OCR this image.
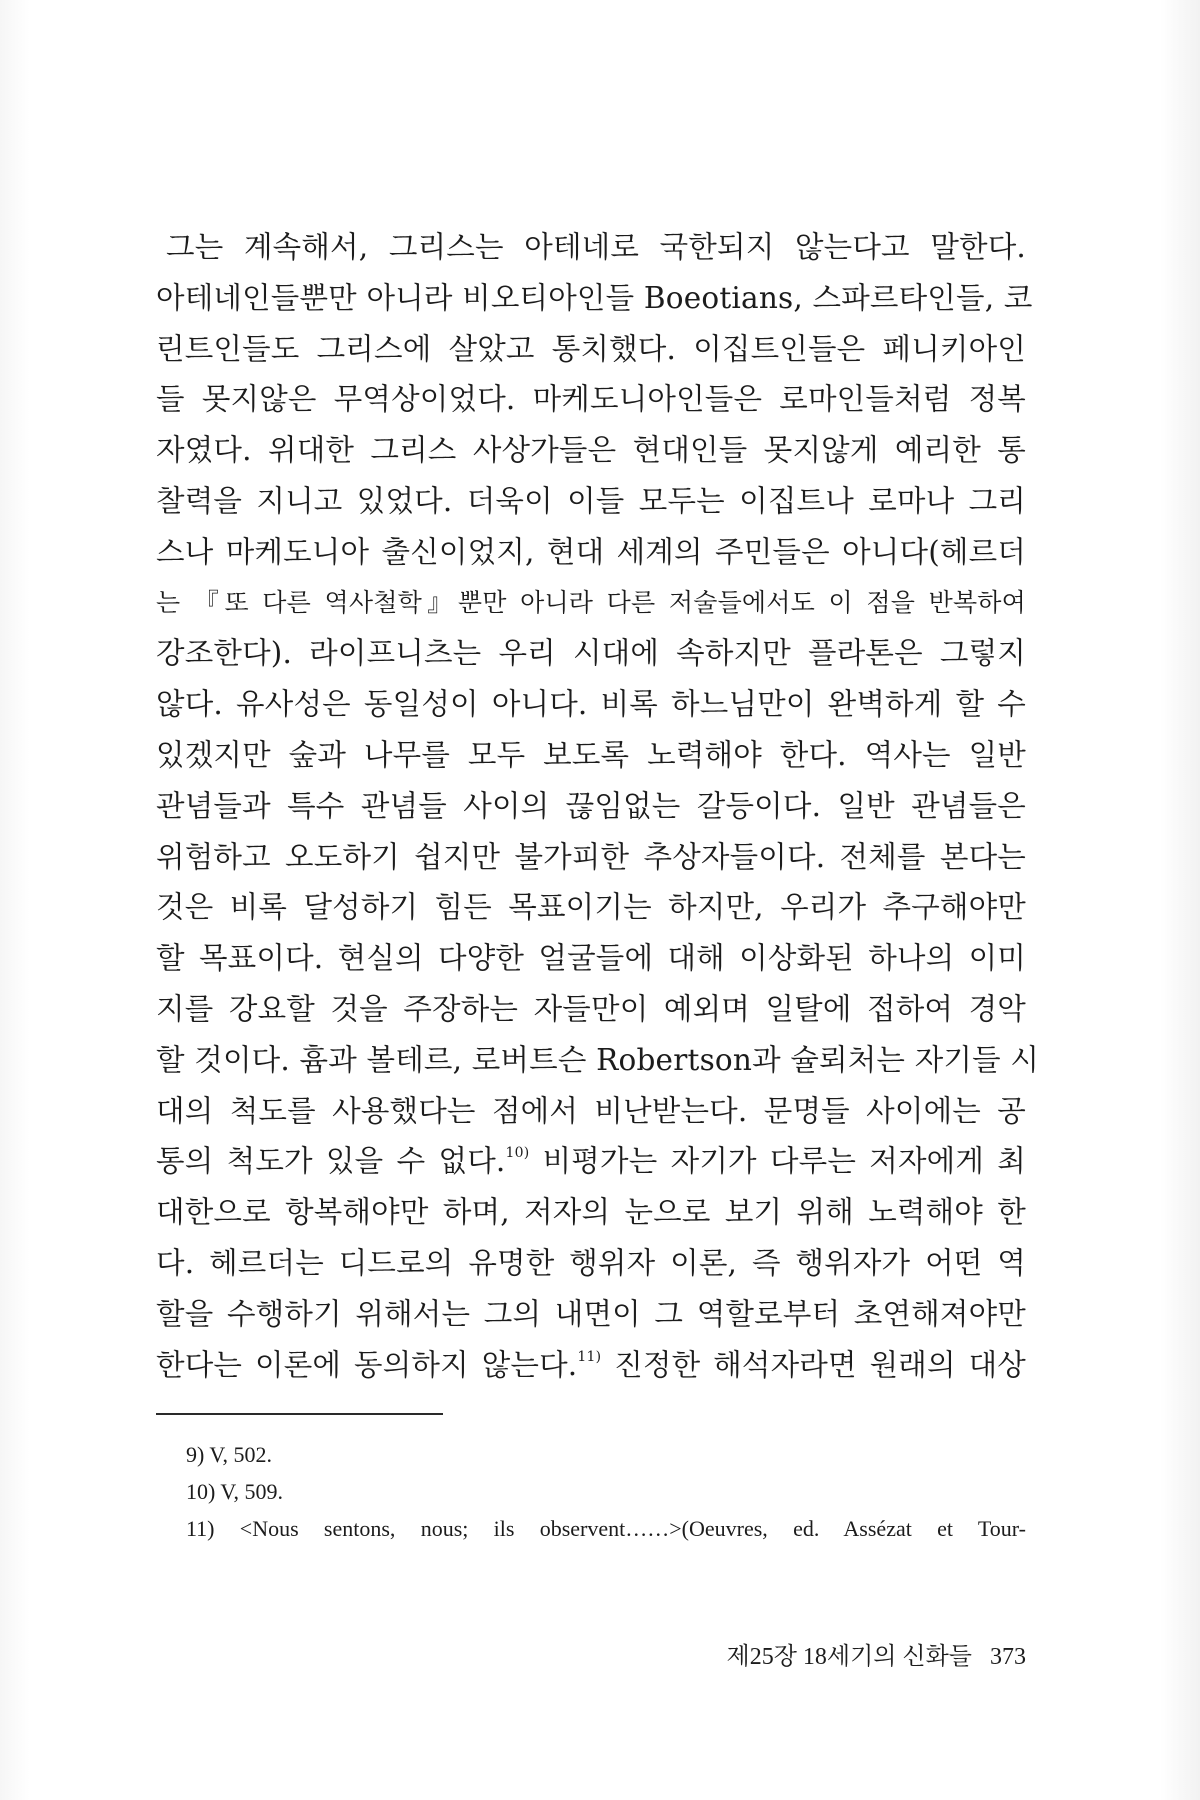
그는 계속해서, 그리스는 아테네로 국한되지 않는다고 말한다.
아테네인들뿐만 아니라 비오티아인들 Boeotians, 스파르타인들, 코
린트인들도 그리스에 살았고 통치했다. 이집트인들은 페니키아인
들 못지않은 무역상이었다. 마케도니아인들은 로마인들처럼 정복
자였다. 위대한 그리스 사상가들은 현대인들 못지않게 예리한 통
찰력을 지니고 있었다. 더욱이 이들 모두는 이집트나 로마나 그리
스나 마케도니아 출신이었지, 현대 세계의 주민들은 아니다(헤르더
는 『또 다른 역사철학』뿐만 아니라 다른 저술들에서도 이 점을 반복하여
강조한다). 라이프니츠는 우리 시대에 속하지만 플라톤은 그렇지
않다. 유사성은 동일성이 아니다. 비록 하느님만이 완벽하게 할 수
있겠지만 숲과 나무를 모두 보도록 노력해야 한다. 역사는 일반
관념들과 특수 관념들 사이의 끊임없는 갈등이다. 일반 관념들은
위험하고 오도하기 쉽지만 불가피한 추상자들이다. 전체를 본다는
것은 비록 달성하기 힘든 목표이기는 하지만, 우리가 추구해야만
할 목표이다. 현실의 다양한 얼굴들에 대해 이상화된 하나의 이미
지를 강요할 것을 주장하는 자들만이 예외며 일탈에 접하여 경악
할 것이다. 흄과 볼테르, 로버트슨 Robertson과 슐뢰처는 자기들 시
대의 척도를 사용했다는 점에서 비난받는다. 문명들 사이에는 공
통의 척도가 있을 수 없다.$^{10)}$ 비평가는 자기가 다루는 저자에게 최
대한으로 항복해야만 하며, 저자의 눈으로 보기 위해 노력해야 한
다. 헤르더는 디드로의 유명한 행위자 이론, 즉 행위자가 어떤 역
할을 수행하기 위해서는 그의 내면이 그 역할로부터 초연해져야만
한다는 이론에 동의하지 않는다.$^{11)}$ 진정한 해석자라면 원래의 대상
9) V, 502.
10) V, 509.
11) <Nous sentons, nous; ils observent……>(Oeuvres, ed. Assézat et Tour-
제25장 18세기의 신화들 373
